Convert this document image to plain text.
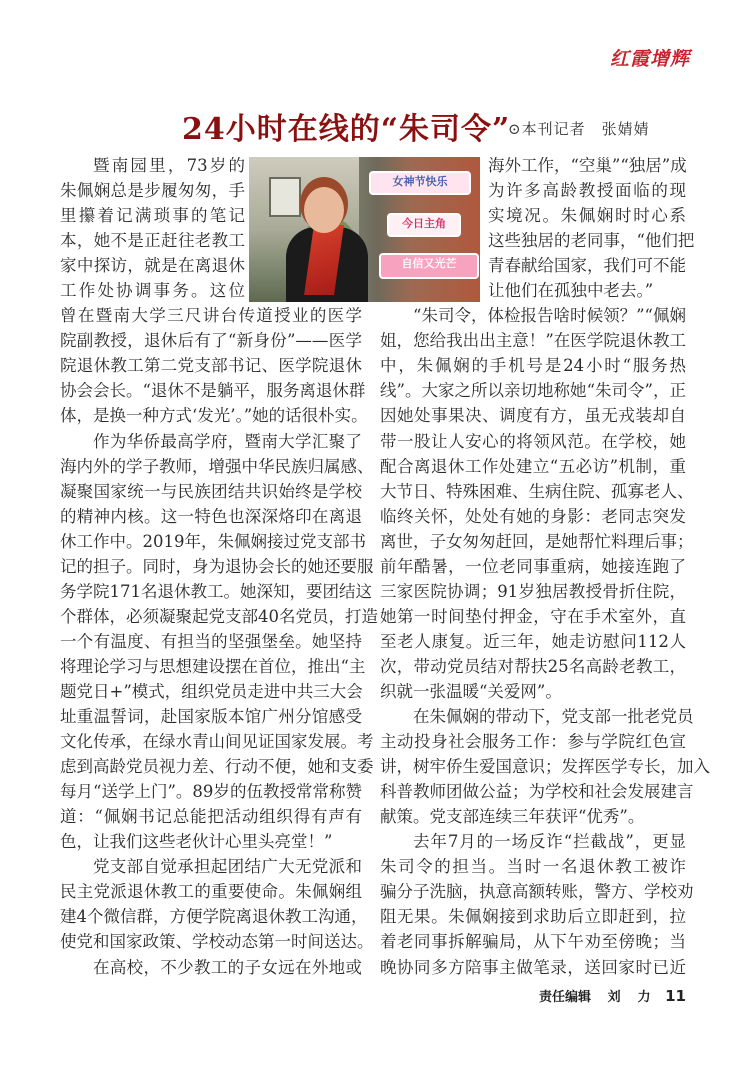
红霞增辉
24小时在线的“朱司令”
⊙本刊记者　张婧婧
暨南园里，73岁的
朱佩娴总是步履匆匆，手
里攥着记满琐事的笔记
本，她不是正赶往老教工
家中探访，就是在离退休
工作处协调事务。这位
曾在暨南大学三尺讲台传道授业的医学
院副教授，退休后有了“新身份”——医学
院退休教工第二党支部书记、医学院退休
协会会长。“退休不是躺平，服务离退休群
体，是换一种方式‘发光’。”她的话很朴实。
作为华侨最高学府，暨南大学汇聚了
海内外的学子教师，增强中华民族归属感、
凝聚国家统一与民族团结共识始终是学校
的精神内核。这一特色也深深烙印在离退
休工作中。2019年，朱佩娴接过党支部书
记的担子。同时，身为退协会长的她还要服
务学院171名退休教工。她深知，要团结这
个群体，必须凝聚起党支部40名党员，打造
一个有温度、有担当的坚强堡垒。她坚持
将理论学习与思想建设摆在首位，推出“主
题党日+”模式，组织党员走进中共三大会
址重温誓词，赴国家版本馆广州分馆感受
文化传承，在绿水青山间见证国家发展。考
虑到高龄党员视力差、行动不便，她和支委
每月“送学上门”。89岁的伍教授常常称赞
道：“佩娴书记总能把活动组织得有声有
色，让我们这些老伙计心里头亮堂！”
党支部自觉承担起团结广大无党派和
民主党派退休教工的重要使命。朱佩娴组
建4个微信群，方便学院离退休教工沟通，
使党和国家政策、学校动态第一时间送达。
在高校，不少教工的子女远在外地或
海外工作，“空巢”“独居”成
为许多高龄教授面临的现
实境况。朱佩娴时时心系
这些独居的老同事，“他们把
青春献给国家，我们可不能
让他们在孤独中老去。”
“朱司令，体检报告啥时候领？”“佩娴
姐，您给我出出主意！”在医学院退休教工
中，朱佩娴的手机号是24小时“服务热
线”。大家之所以亲切地称她“朱司令”，正
因她处事果决、调度有方，虽无戎装却自
带一股让人安心的将领风范。在学校，她
配合离退休工作处建立“五必访”机制，重
大节日、特殊困难、生病住院、孤寡老人、
临终关怀，处处有她的身影：老同志突发
离世，子女匆匆赶回，是她帮忙料理后事；
前年酷暑，一位老同事重病，她接连跑了
三家医院协调；91岁独居教授骨折住院，
她第一时间垫付押金，守在手术室外，直
至老人康复。近三年，她走访慰问112人
次，带动党员结对帮扶25名高龄老教工，
织就一张温暖“关爱网”。
在朱佩娴的带动下，党支部一批老党员
主动投身社会服务工作：参与学院红色宣
讲，树牢侨生爱国意识；发挥医学专长，加入
科普教师团做公益；为学校和社会发展建言
献策。党支部连续三年获评“优秀”。
去年7月的一场反诈“拦截战”，更显
朱司令的担当。当时一名退休教工被诈
骗分子洗脑，执意高额转账，警方、学校劝
阻无果。朱佩娴接到求助后立即赶到，拉
着老同事拆解骗局，从下午劝至傍晚；当
晚协同多方陪事主做笔录，送回家时已近
女神节快乐
今日主角
自信又光芒
责任编辑 刘　力 11
